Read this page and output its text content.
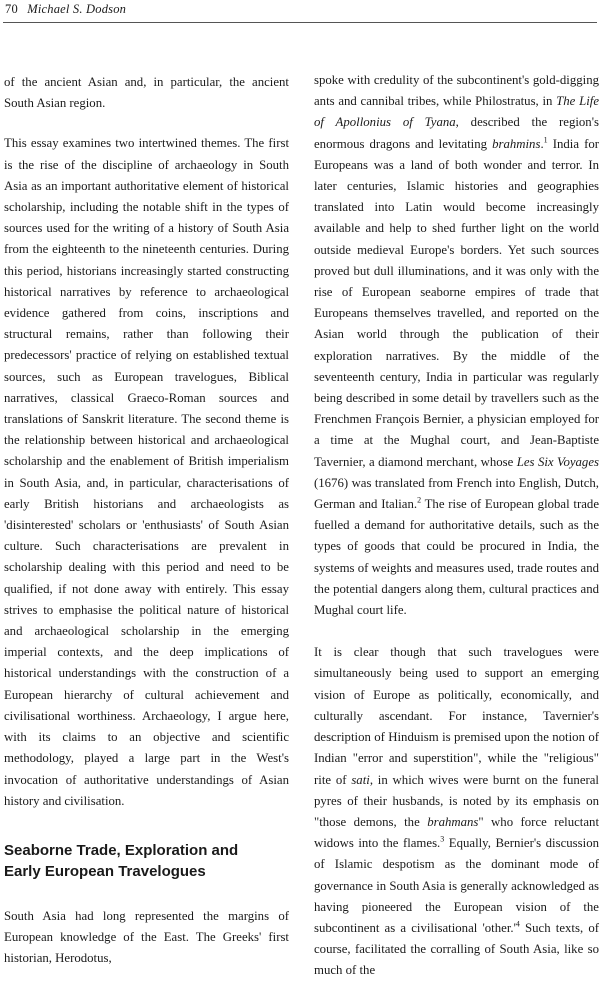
70 Michael S. Dodson

of the ancient Asian and, in particular, the ancient South Asian region.

This essay examines two intertwined themes. The first is the rise of the discipline of archaeology in South Asia as an important authoritative element of historical scholarship, including the notable shift in the types of sources used for the writing of a history of South Asia from the eighteenth to the nineteenth centuries. During this period, historians increasingly started constructing historical narratives by reference to archaeological evidence gathered from coins, inscriptions and structural remains, rather than following their predecessors' practice of relying on established textual sources, such as European travelogues, Biblical narratives, classical Graeco-Roman sources and translations of Sanskrit literature. The second theme is the relationship between historical and archaeological scholarship and the enablement of British imperialism in South Asia, and, in particular, characterisations of early British historians and archaeologists as 'disinterested' scholars or 'enthusiasts' of South Asian culture. Such characterisations are prevalent in scholarship dealing with this period and need to be qualified, if not done away with entirely. This essay strives to emphasise the political nature of historical and archaeological scholarship in the emerging imperial contexts, and the deep implications of historical understandings with the construction of a European hierarchy of cultural achievement and civilisational worthiness. Archaeology, I argue here, with its claims to an objective and scientific methodology, played a large part in the West's invocation of authoritative understandings of Asian history and civilisation.

Seaborne Trade, Exploration and
Early European Travelogues

South Asia had long represented the margins of European knowledge of the East. The Greeks' first historian, Herodotus,

spoke with credulity of the subcontinent's gold-digging ants and cannibal tribes, while Philostratus, in The Life of Apollonius of Tyana, described the region's enormous dragons and levitating brahmins.$^1$ India for Europeans was a land of both wonder and terror. In later centuries, Islamic histories and geographies translated into Latin would become increasingly available and help to shed further light on the world outside medieval Europe's borders. Yet such sources proved but dull illuminations, and it was only with the rise of European seaborne empires of trade that Europeans themselves travelled, and reported on the Asian world through the publication of their exploration narratives. By the middle of the seventeenth century, India in particular was regularly being described in some detail by travellers such as the Frenchmen François Bernier, a physician employed for a time at the Mughal court, and Jean-Baptiste Tavernier, a diamond merchant, whose Les Six Voyages (1676) was translated from French into English, Dutch, German and Italian.$^2$ The rise of European global trade fuelled a demand for authoritative details, such as the types of goods that could be procured in India, the systems of weights and measures used, trade routes and the potential dangers along them, cultural practices and Mughal court life.

It is clear though that such travelogues were simultaneously being used to support an emerging vision of Europe as politically, economically, and culturally ascendant. For instance, Tavernier's description of Hinduism is premised upon the notion of Indian "error and superstition", while the "religious" rite of sati, in which wives were burnt on the funeral pyres of their husbands, is noted by its emphasis on "those demons, the brahmans" who force reluctant widows into the flames.$^3$ Equally, Bernier's discussion of Islamic despotism as the dominant mode of governance in South Asia is generally acknowledged as having pioneered the European vision of the subcontinent as a civilisational '$other.'^4$ Such texts, of course, facilitated the corralling of South Asia, like so much of the
